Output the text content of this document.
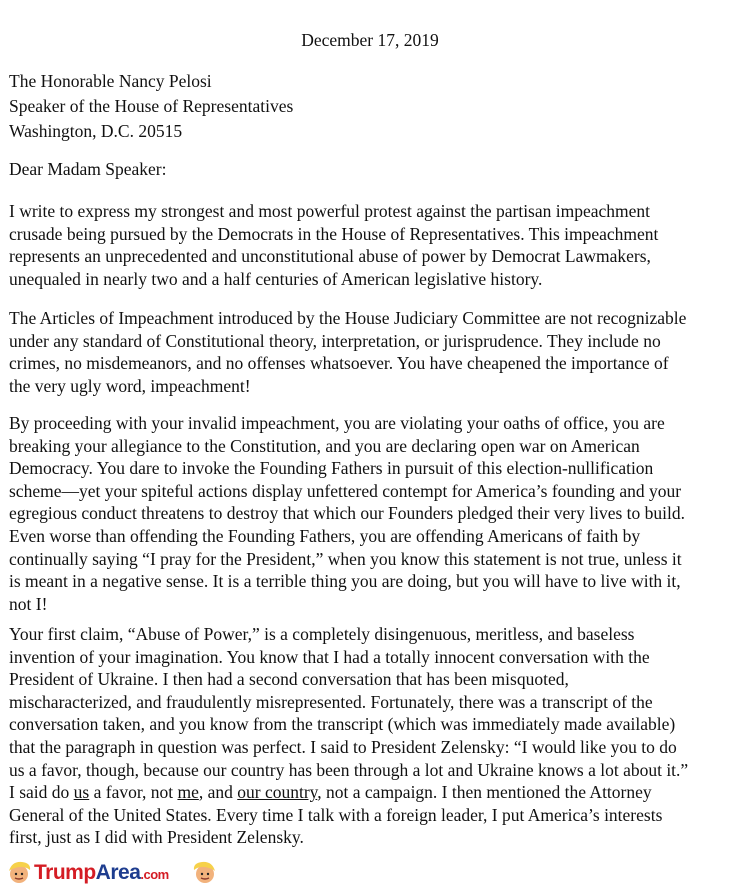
December 17, 2019
The Honorable Nancy Pelosi
Speaker of the House of Representatives
Washington, D.C. 20515
Dear Madam Speaker:
I write to express my strongest and most powerful protest against the partisan impeachment
crusade being pursued by the Democrats in the House of Representatives. This impeachment
represents an unprecedented and unconstitutional abuse of power by Democrat Lawmakers,
unequaled in nearly two and a half centuries of American legislative history.
The Articles of Impeachment introduced by the House Judiciary Committee are not recognizable
under any standard of Constitutional theory, interpretation, or jurisprudence. They include no
crimes, no misdemeanors, and no offenses whatsoever. You have cheapened the importance of
the very ugly word, impeachment!
By proceeding with your invalid impeachment, you are violating your oaths of office, you are
breaking your allegiance to the Constitution, and you are declaring open war on American
Democracy. You dare to invoke the Founding Fathers in pursuit of this election-nullification
scheme—yet your spiteful actions display unfettered contempt for America’s founding and your
egregious conduct threatens to destroy that which our Founders pledged their very lives to build.
Even worse than offending the Founding Fathers, you are offending Americans of faith by
continually saying “I pray for the President,” when you know this statement is not true, unless it
is meant in a negative sense. It is a terrible thing you are doing, but you will have to live with it,
not I!
Your first claim, “Abuse of Power,” is a completely disingenuous, meritless, and baseless
invention of your imagination. You know that I had a totally innocent conversation with the
President of Ukraine. I then had a second conversation that has been misquoted,
mischaracterized, and fraudulently misrepresented. Fortunately, there was a transcript of the
conversation taken, and you know from the transcript (which was immediately made available)
that the paragraph in question was perfect. I said to President Zelensky: “I would like you to do
us a favor, though, because our country has been through a lot and Ukraine knows a lot about it.”
I said do us a favor, not me, and our country, not a campaign. I then mentioned the Attorney
General of the United States. Every time I talk with a foreign leader, I put America’s interests
first, just as I did with President Zelensky.
TrumpArea.com
